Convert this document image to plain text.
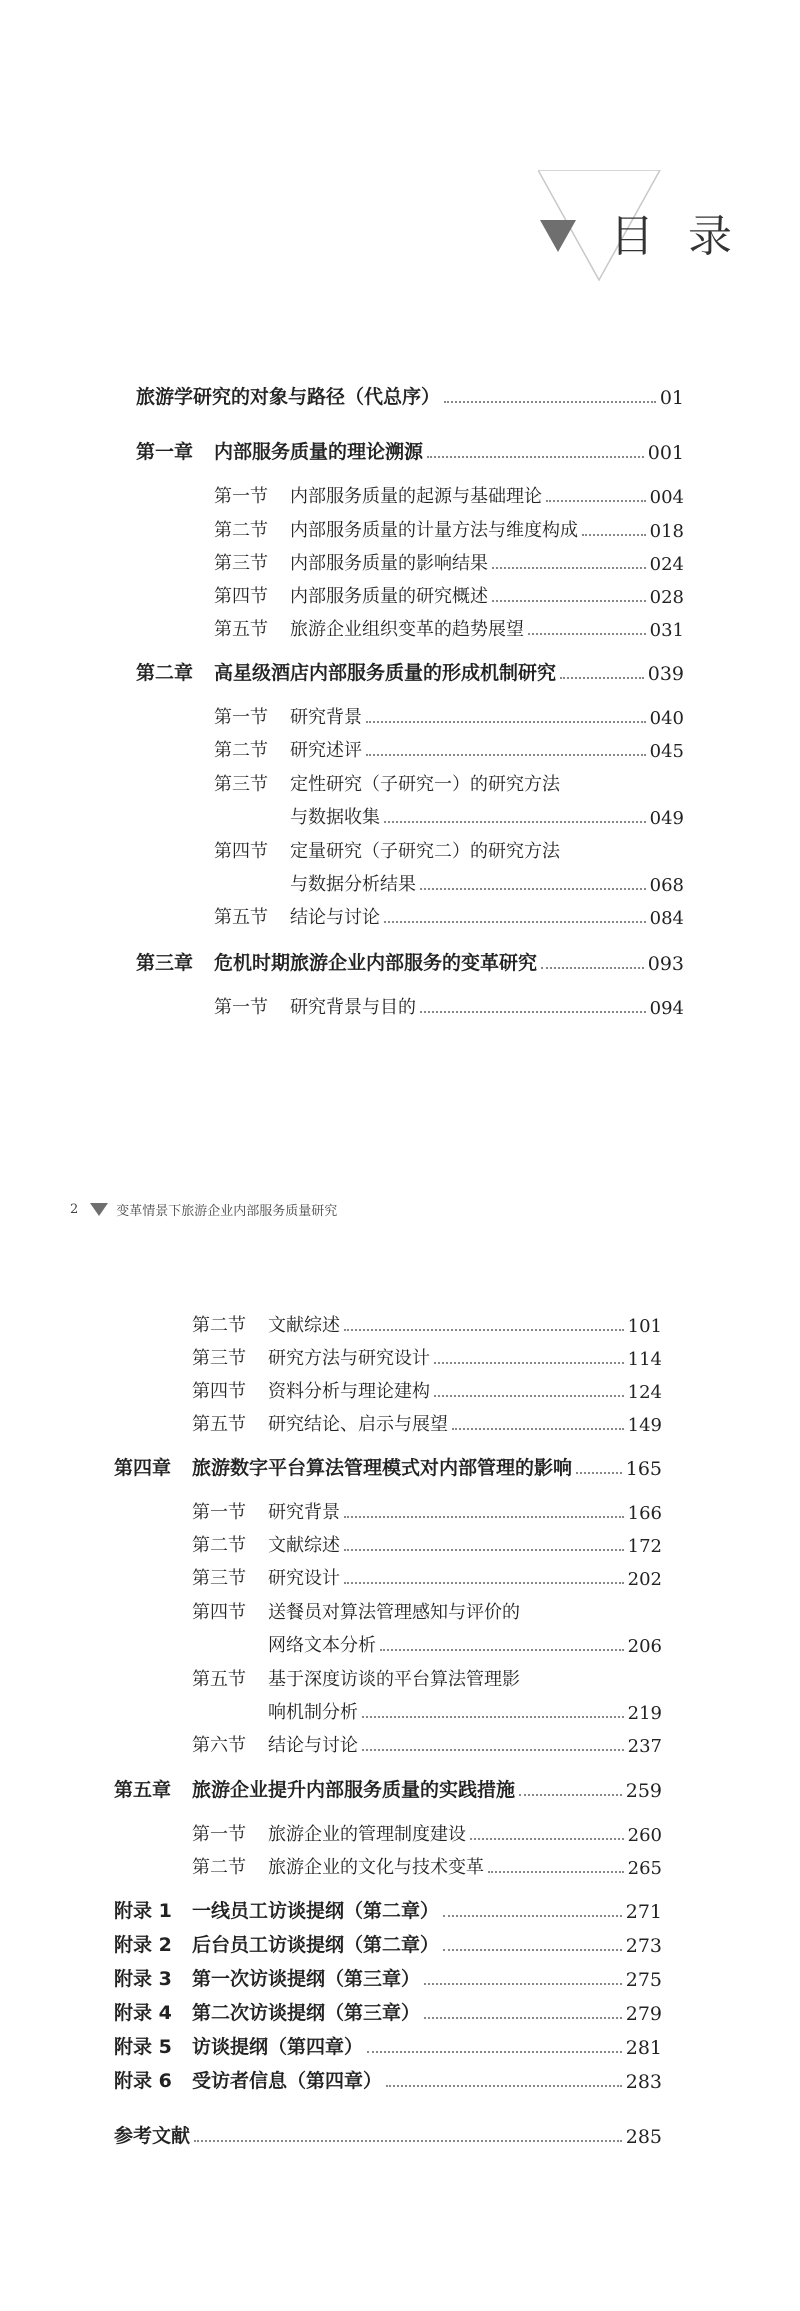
目 录
旅游学研究的对象与路径（代总序）	01
第一章	内部服务质量的理论溯源	001
第一节	内部服务质量的起源与基础理论	004
第二节	内部服务质量的计量方法与维度构成	018
第三节	内部服务质量的影响结果	024
第四节	内部服务质量的研究概述	028
第五节	旅游企业组织变革的趋势展望	031
第二章	高星级酒店内部服务质量的形成机制研究	039
第一节	研究背景	040
第二节	研究述评	045
第三节 定性研究（子研究一）的研究方法
与数据收集	049
第四节 定量研究（子研究二）的研究方法
与数据分析结果	068
第五节	结论与讨论	084
第三章	危机时期旅游企业内部服务的变革研究	093
第一节	研究背景与目的	094
2	变革情景下旅游企业内部服务质量研究
第二节	文献综述	101
第三节	研究方法与研究设计	114
第四节	资料分析与理论建构	124
第五节	研究结论、启示与展望	149
第四章	旅游数字平台算法管理模式对内部管理的影响	165
第一节	研究背景	166
第二节	文献综述	172
第三节	研究设计	202
第四节 送餐员对算法管理感知与评价的
网络文本分析	206
第五节 基于深度访谈的平台算法管理影
响机制分析	219
第六节	结论与讨论	237
第五章	旅游企业提升内部服务质量的实践措施	259
第一节	旅游企业的管理制度建设	260
第二节	旅游企业的文化与技术变革	265
附录 1	一线员工访谈提纲（第二章）	271
附录 2	后台员工访谈提纲（第二章）	273
附录 3	第一次访谈提纲（第三章）	275
附录 4	第二次访谈提纲（第三章）	279
附录 5	访谈提纲（第四章）	281
附录 6	受访者信息（第四章）	283
参考文献	285
